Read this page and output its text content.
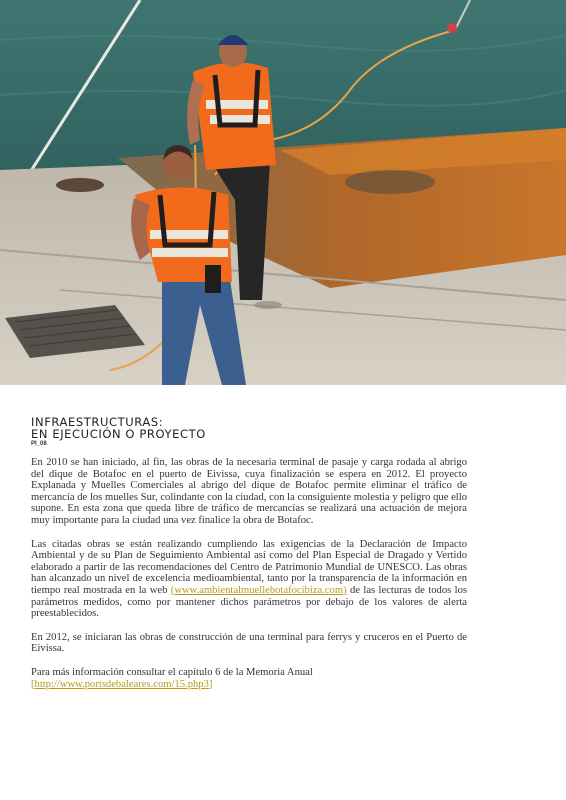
INFRAESTRUCTURAS:
EN EJECUCIÓN O PROYECTO
PI_08

En 2010 se han iniciado, al fin, las obras de la necesaria terminal de pasaje y carga rodada al abrigo del dique de Botafoc en el puerto de Eivissa, cuya finalización se espera en 2012. El proyecto Explanada y Muelles Comerciales al abrigo del dique de Botafoc permite eliminar el tráfico de mercancía de los muelles Sur, colindante con la ciudad, con la consiguiente molestia y peligro que ello supone. En esta zona que queda libre de tráfico de mercancías se realizará una actuación de mejora muy importante para la ciudad una vez finalice la obra de Botafoc.

Las citadas obras se están realizando cumpliendo las exigencias de la Declaración de Impacto Ambiental y de su Plan de Seguimiento Ambiental así como del Plan Especial de Dragado y Vertido elaborado a partir de las recomendaciones del Centro de Patrimonio Mundial de UNESCO. Las obras han alcanzado un nivel de excelencia medioambiental, tanto por la transparencia de la información en tiempo real mostrada en la web (www.ambientalmuellebotafocibiza.com) de las lecturas de todos los parámetros medidos, como por mantener dichos parámetros por debajo de los valores de alerta preestablecidos.

En 2012, se iniciaran las obras de construcción de una terminal para ferrys y cruceros en el Puerto de Eivissa.

Para más información consultar el capítulo 6 de la Memoria Anual
[http://www.portsdebaleares.com/15.php3]
